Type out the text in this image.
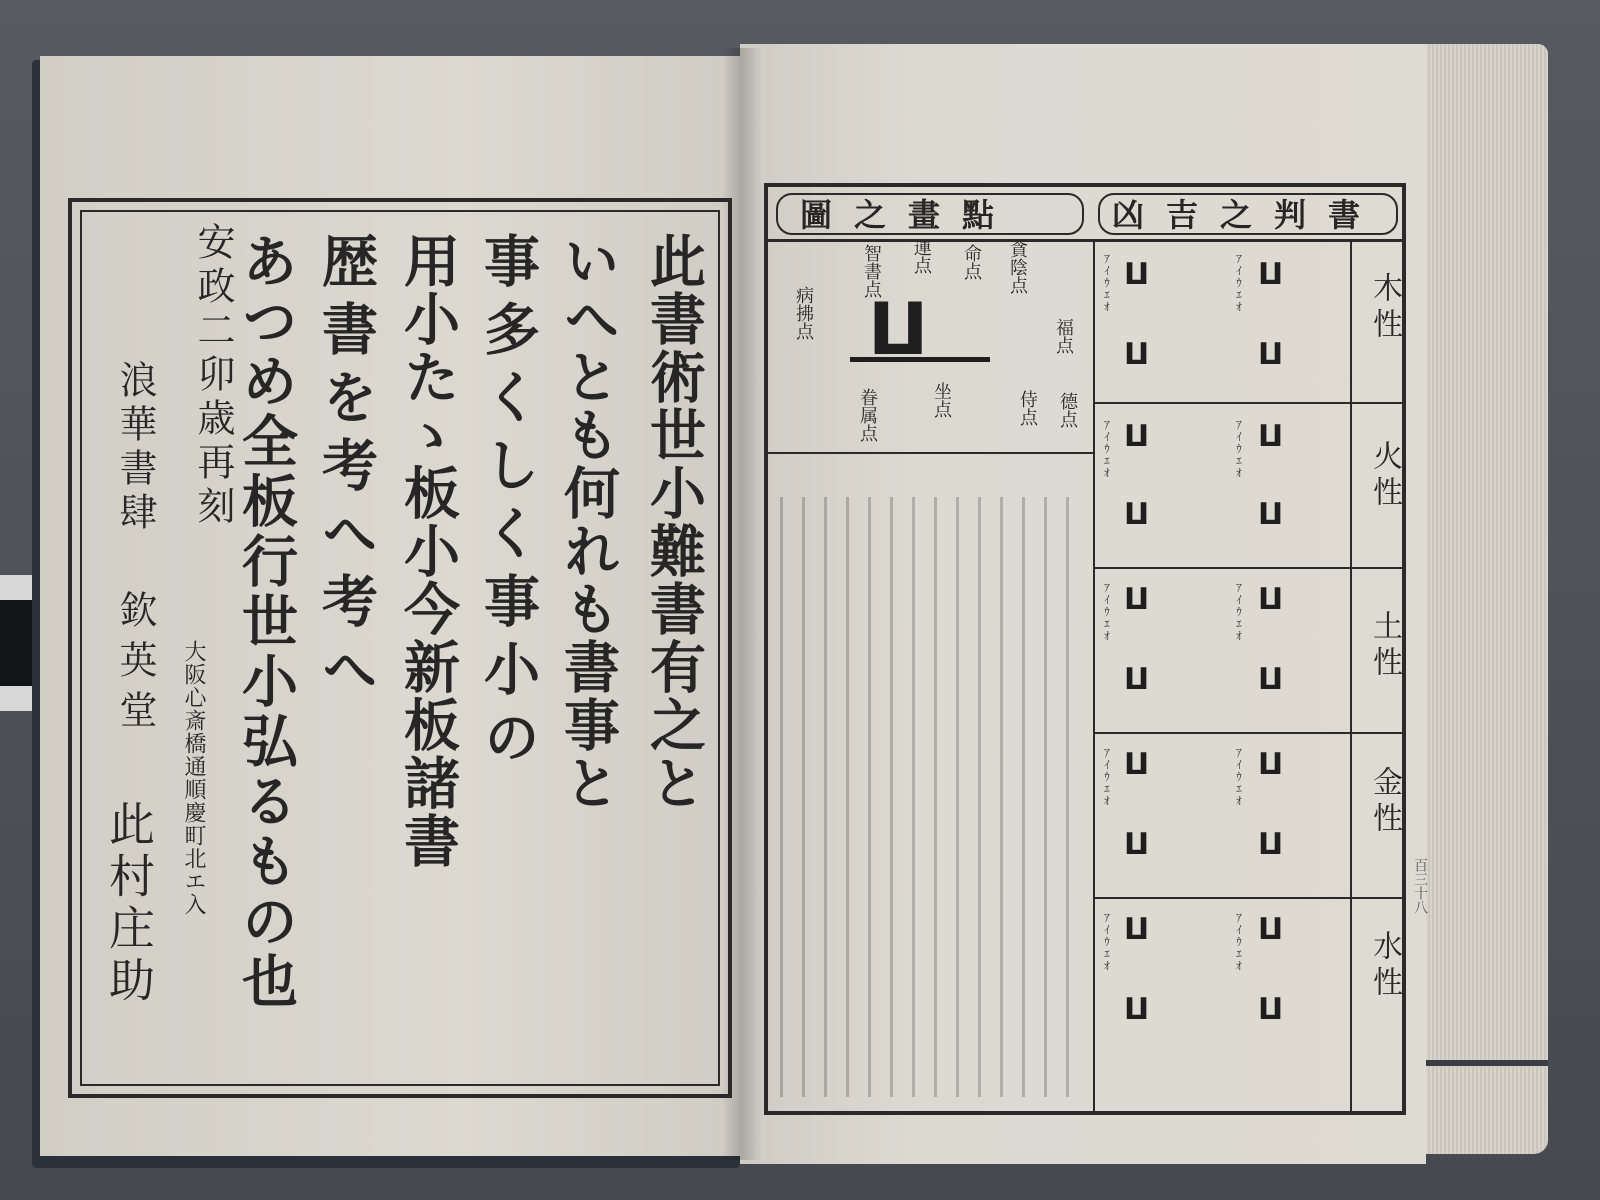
此書術世小難書有之と
いへとも何れも書事と
事多くしく事小の
用小たゝ板小今新板諸書
歴書を考へ考へ
あつめ全板行世小弘るもの也
安政二卯歳再刻
浪華書肆
大阪心斎橋通順慶町北エ入
欽英堂
此村庄助
ⵡ
ⵡ
ⵡ
ⵡ
ⵡ
ⵡ
ⵡ
ⵡ
ⵡ
ⵡ
ⵡ
ⵡ
ⵡ
ⵡ
ⵡ
ⵡ
ⵡ
ⵡ
ⵡ
ⵡ
ｱｲｳｴｵ
ｱｲｳｴｵ
ｱｲｳｴｵ
ｱｲｳｴｵ
ｱｲｳｴｵ
ｱｲｳｴｵ
ｱｲｳｴｵ
ｱｲｳｴｵ
ｱｲｳｴｵ
ｱｲｳｴｵ
ⵡ
書判之吉凶
點畫之圖
貪陰点
命点
運点
智書点
病拂点	福点
德点
侍点
坐点
眷属点
木性
火性
土性
金性
水性
百三十八
